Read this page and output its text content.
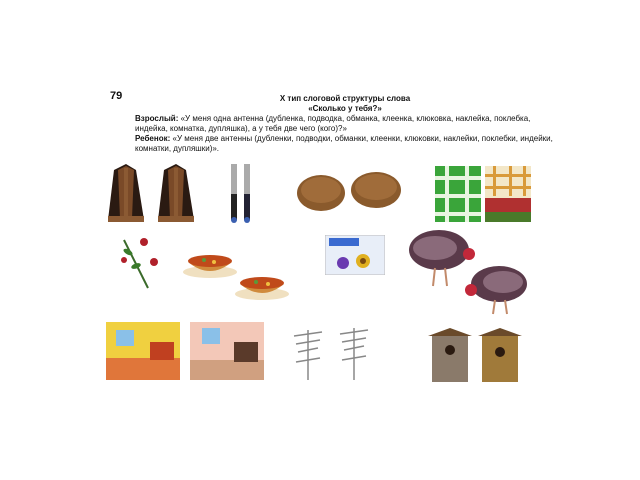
79	X тип слоговой структуры слова
«Сколько у тебя?»

Взрослый: «У меня одна антенна (дубленка, подводка, обманка, клеенка, клюковка, наклейка, поклебка, индейка, комнатка, дупляшка), а у тебя две чего (кого)?»

Ребенок: «У меня две антенны (дубленки, подводки, обманки, клеенки, клюковки, наклейки, поклебки, индейки, комнатки, дупляшки)».
